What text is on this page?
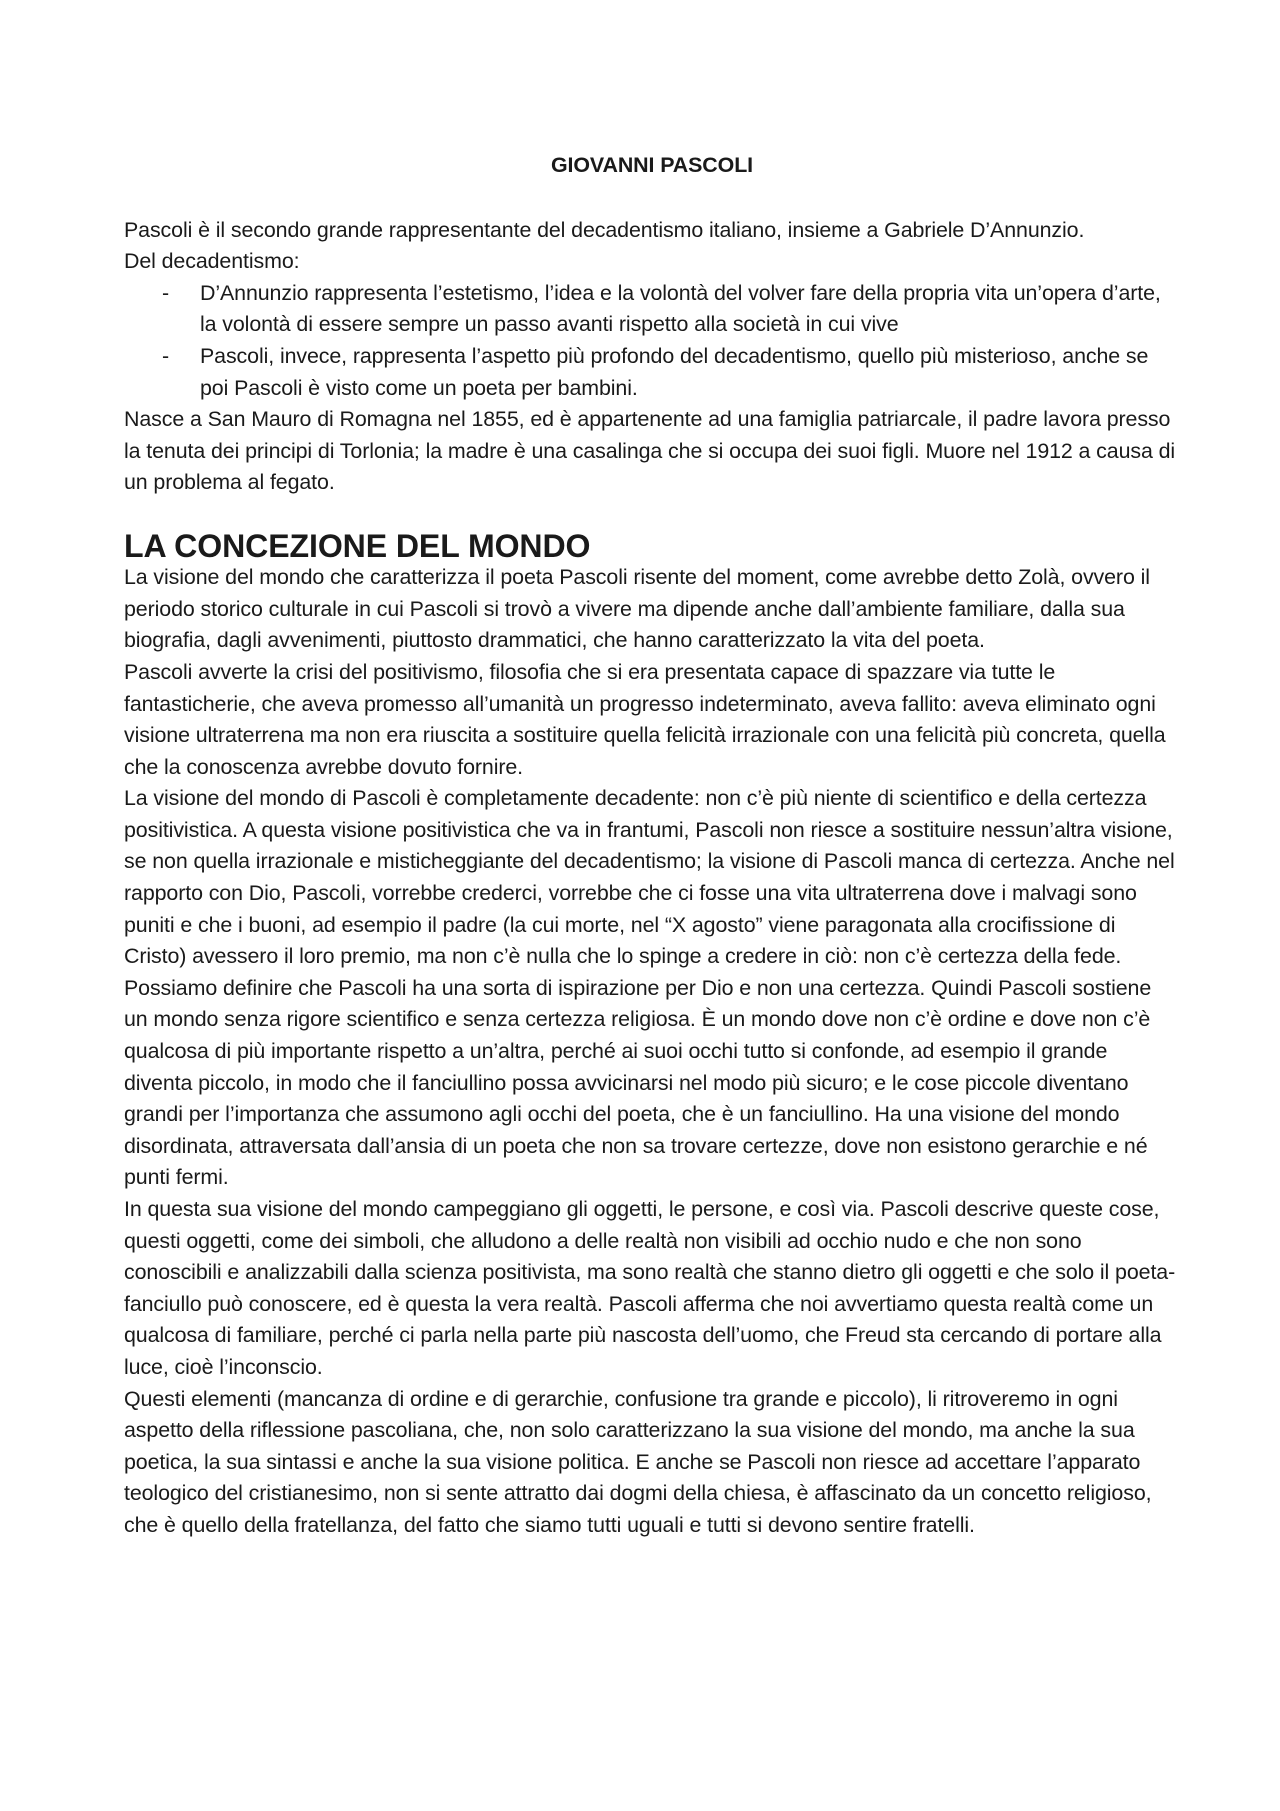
GIOVANNI PASCOLI

Pascoli è il secondo grande rappresentante del decadentismo italiano, insieme a Gabriele D’Annunzio.

Del decadentismo:

- D’Annunzio rappresenta l’estetismo, l’idea e la volontà del volver fare della propria vita un’opera d’arte, la volontà di essere sempre un passo avanti rispetto alla società in cui vive
- Pascoli, invece, rappresenta l’aspetto più profondo del decadentismo, quello più misterioso, anche se poi Pascoli è visto come un poeta per bambini.

Nasce a San Mauro di Romagna nel 1855, ed è appartenente ad una famiglia patriarcale, il padre lavora presso la tenuta dei principi di Torlonia; la madre è una casalinga che si occupa dei suoi figli. Muore nel 1912 a causa di un problema al fegato.

LA CONCEZIONE DEL MONDO

La visione del mondo che caratterizza il poeta Pascoli risente del moment, come avrebbe detto Zolà, ovvero il periodo storico culturale in cui Pascoli si trovò a vivere ma dipende anche dall’ambiente familiare, dalla sua biografia, dagli avvenimenti, piuttosto drammatici, che hanno caratterizzato la vita del poeta.

Pascoli avverte la crisi del positivismo, filosofia che si era presentata capace di spazzare via tutte le fantasticherie, che aveva promesso all’umanità un progresso indeterminato, aveva fallito: aveva eliminato ogni visione ultraterrena ma non era riuscita a sostituire quella felicità irrazionale con una felicità più concreta, quella che la conoscenza avrebbe dovuto fornire.

La visione del mondo di Pascoli è completamente decadente: non c’è più niente di scientifico e della certezza positivistica. A questa visione positivistica che va in frantumi, Pascoli non riesce a sostituire nessun’altra visione, se non quella irrazionale e misticheggiante del decadentismo; la visione di Pascoli manca di certezza. Anche nel rapporto con Dio, Pascoli, vorrebbe crederci, vorrebbe che ci fosse una vita ultraterrena dove i malvagi sono puniti e che i buoni, ad esempio il padre (la cui morte, nel “X agosto” viene paragonata alla crocifissione di Cristo) avessero il loro premio, ma non c’è nulla che lo spinge a credere in ciò: non c’è certezza della fede. Possiamo definire che Pascoli ha una sorta di ispirazione per Dio e non una certezza. Quindi Pascoli sostiene un mondo senza rigore scientifico e senza certezza religiosa. È un mondo dove non c’è ordine e dove non c’è qualcosa di più importante rispetto a un’altra, perché ai suoi occhi tutto si confonde, ad esempio il grande diventa piccolo, in modo che il fanciullino possa avvicinarsi nel modo più sicuro; e le cose piccole diventano grandi per l’importanza che assumono agli occhi del poeta, che è un fanciullino. Ha una visione del mondo disordinata, attraversata dall’ansia di un poeta che non sa trovare certezze, dove non esistono gerarchie e né punti fermi.

In questa sua visione del mondo campeggiano gli oggetti, le persone, e così via. Pascoli descrive queste cose, questi oggetti, come dei simboli, che alludono a delle realtà non visibili ad occhio nudo e che non sono conoscibili e analizzabili dalla scienza positivista, ma sono realtà che stanno dietro gli oggetti e che solo il poeta-fanciullo può conoscere, ed è questa la vera realtà. Pascoli afferma che noi avvertiamo questa realtà come un qualcosa di familiare, perché ci parla nella parte più nascosta dell’uomo, che Freud sta cercando di portare alla luce, cioè l’inconscio.

Questi elementi (mancanza di ordine e di gerarchie, confusione tra grande e piccolo), li ritroveremo in ogni aspetto della riflessione pascoliana, che, non solo caratterizzano la sua visione del mondo, ma anche la sua poetica, la sua sintassi e anche la sua visione politica. E anche se Pascoli non riesce ad accettare l’apparato teologico del cristianesimo, non si sente attratto dai dogmi della chiesa, è affascinato da un concetto religioso, che è quello della fratellanza, del fatto che siamo tutti uguali e tutti si devono sentire fratelli.
